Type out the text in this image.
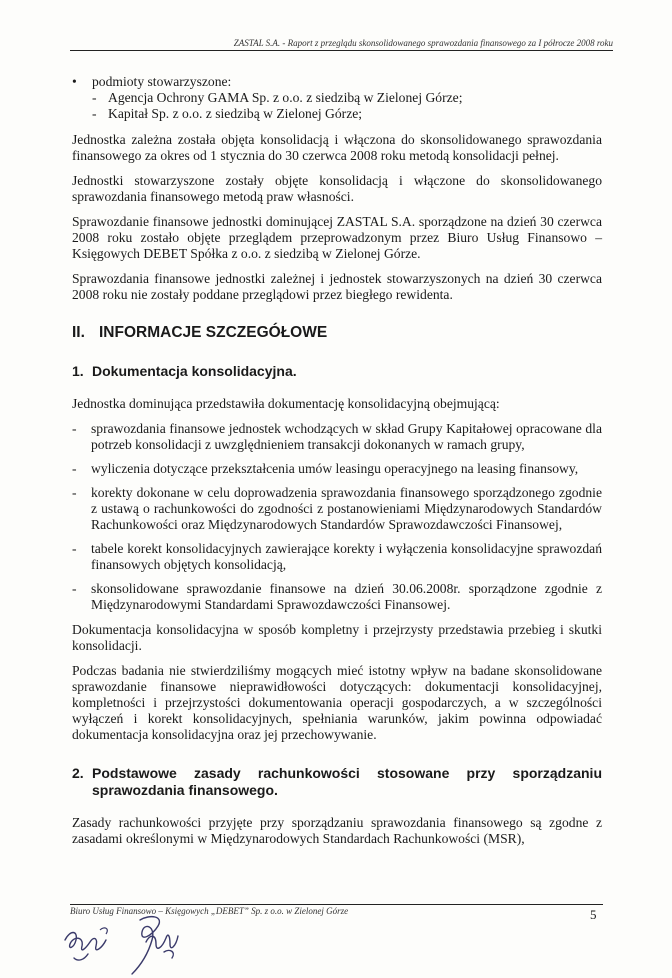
ZASTAL S.A. - Raport z przeglądu skonsolidowanego sprawozdania finansowego za I półrocze 2008 roku
•	podmioty stowarzyszone:
- Agencja Ochrony GAMA Sp. z o.o. z siedzibą w Zielonej Górze;
- Kapitał Sp. z o.o. z siedzibą w Zielonej Górze;

Jednostka zależna została objęta konsolidacją i włączona do skonsolidowanego sprawozdania finansowego za okres od 1 stycznia do 30 czerwca 2008 roku metodą konsolidacji pełnej.

Jednostki stowarzyszone zostały objęte konsolidacją i włączone do skonsolidowanego sprawozdania finansowego metodą praw własności.

Sprawozdanie finansowe jednostki dominującej ZASTAL S.A. sporządzone na dzień 30 czerwca 2008 roku zostało objęte przeglądem przeprowadzonym przez Biuro Usług Finansowo – Księgowych DEBET Spółka z o.o. z siedzibą w Zielonej Górze.

Sprawozdania finansowe jednostki zależnej i jednostek stowarzyszonych na dzień 30 czerwca 2008 roku nie zostały poddane przeglądowi przez biegłego rewidenta.

II. INFORMACJE SZCZEGÓŁOWE
1. Dokumentacja konsolidacyjna.

Jednostka dominująca przedstawiła dokumentację konsolidacyjną obejmującą:

-	sprawozdania finansowe jednostek wchodzących w skład Grupy Kapitałowej opracowane dla potrzeb konsolidacji z uwzględnieniem transakcji dokonanych w ramach grupy,
-	wyliczenia dotyczące przekształcenia umów leasingu operacyjnego na leasing finansowy,
-	korekty dokonane w celu doprowadzenia sprawozdania finansowego sporządzonego zgodnie z ustawą o rachunkowości do zgodności z postanowieniami Międzynarodowych Standardów Rachunkowości oraz Międzynarodowych Standardów Sprawozdawczości Finansowej,
-	tabele korekt konsolidacyjnych zawierające korekty i wyłączenia konsolidacyjne sprawozdań finansowych objętych konsolidacją,
-	skonsolidowane sprawozdanie finansowe na dzień 30.06.2008r. sporządzone zgodnie z Międzynarodowymi Standardami Sprawozdawczości Finansowej.

Dokumentacja konsolidacyjna w sposób kompletny i przejrzysty przedstawia przebieg i skutki konsolidacji.

Podczas badania nie stwierdziliśmy mogących mieć istotny wpływ na badane skonsolidowane sprawozdanie finansowe nieprawidłowości dotyczących: dokumentacji konsolidacyjnej, kompletności i przejrzystości dokumentowania operacji gospodarczych, a w szczególności wyłączeń i korekt konsolidacyjnych, spełniania warunków, jakim powinna odpowiadać dokumentacja konsolidacyjna oraz jej przechowywanie.

2. Podstawowe zasady rachunkowości stosowane przy sporządzaniu sprawozdania finansowego.

Zasady rachunkowości przyjęte przy sporządzaniu sprawozdania finansowego są zgodne z zasadami określonymi w Międzynarodowych Standardach Rachunkowości (MSR),

Biuro Usług Finansowo – Księgowych „DEBET” Sp. z o.o. w Zielonej Górze	5
